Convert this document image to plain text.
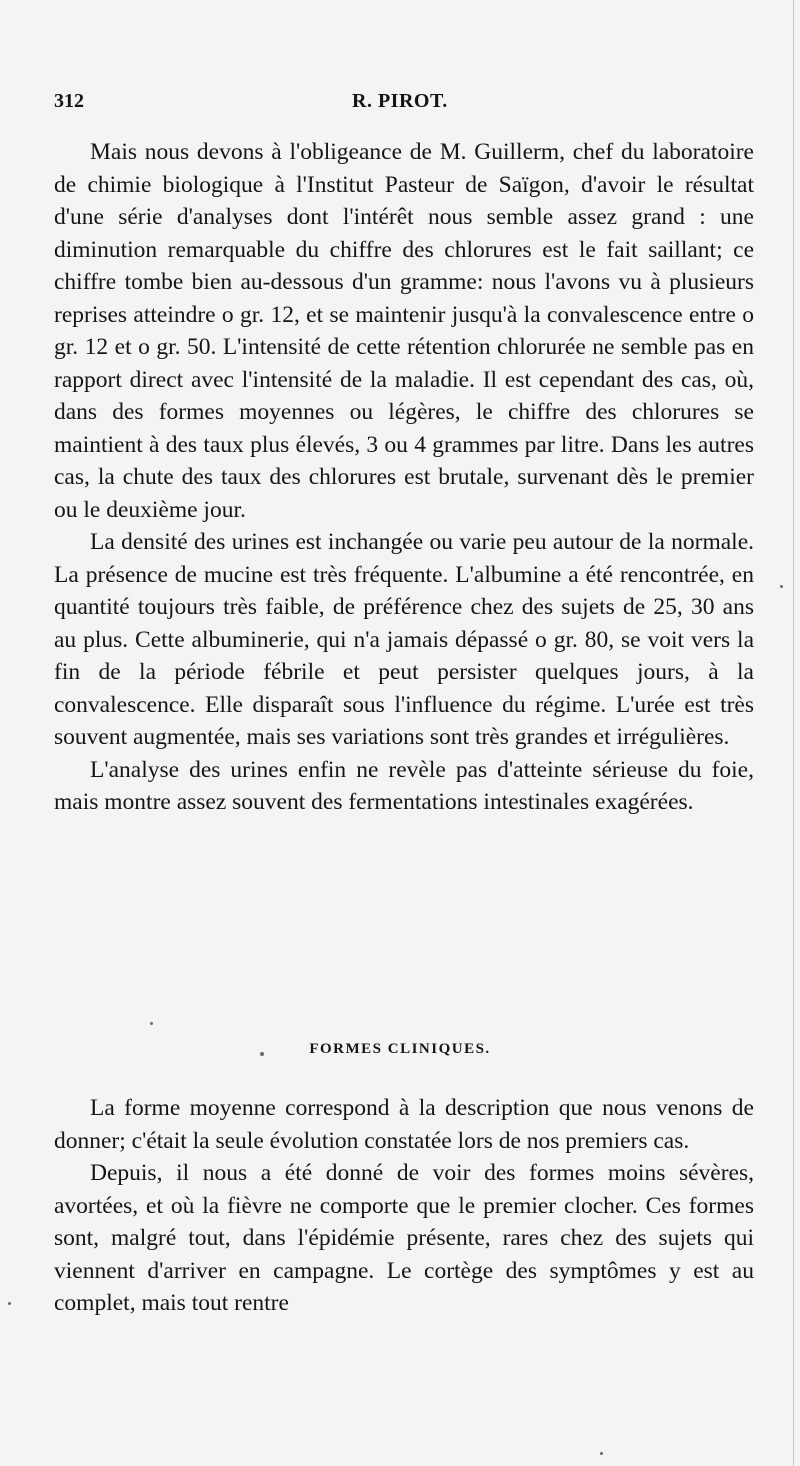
312	R. PIROT.

Mais nous devons à l'obligeance de M. Guillerm, chef du laboratoire de chimie biologique à l'Institut Pasteur de Saïgon, d'avoir le résultat d'une série d'analyses dont l'intérêt nous semble assez grand : une diminution remarquable du chiffre des chlorures est le fait saillant; ce chiffre tombe bien au-dessous d'un gramme: nous l'avons vu à plusieurs reprises atteindre o gr. 12, et se maintenir jusqu'à la convalescence entre o gr. 12 et o gr. 50. L'intensité de cette rétention chlorurée ne semble pas en rapport direct avec l'intensité de la maladie. Il est cependant des cas, où, dans des formes moyennes ou légères, le chiffre des chlorures se maintient à des taux plus élevés, 3 ou 4 grammes par litre. Dans les autres cas, la chute des taux des chlorures est brutale, survenant dès le premier ou le deuxième jour.

La densité des urines est inchangée ou varie peu autour de la normale. La présence de mucine est très fréquente. L'albumine a été rencontrée, en quantité toujours très faible, de préférence chez des sujets de 25, 30 ans au plus. Cette albuminerie, qui n'a jamais dépassé o gr. 80, se voit vers la fin de la période fébrile et peut persister quelques jours, à la convalescence. Elle disparaît sous l'influence du régime. L'urée est très souvent augmentée, mais ses variations sont très grandes et irrégulières.

L'analyse des urines enfin ne revèle pas d'atteinte sérieuse du foie, mais montre assez souvent des fermentations intestinales exagérées.

FORMES CLINIQUES.

La forme moyenne correspond à la description que nous venons de donner; c'était la seule évolution constatée lors de nos premiers cas.

Depuis, il nous a été donné de voir des formes moins sévères, avortées, et où la fièvre ne comporte que le premier clocher. Ces formes sont, malgré tout, dans l'épidémie présente, rares chez des sujets qui viennent d'arriver en campagne. Le cortège des symptômes y est au complet, mais tout rentre
